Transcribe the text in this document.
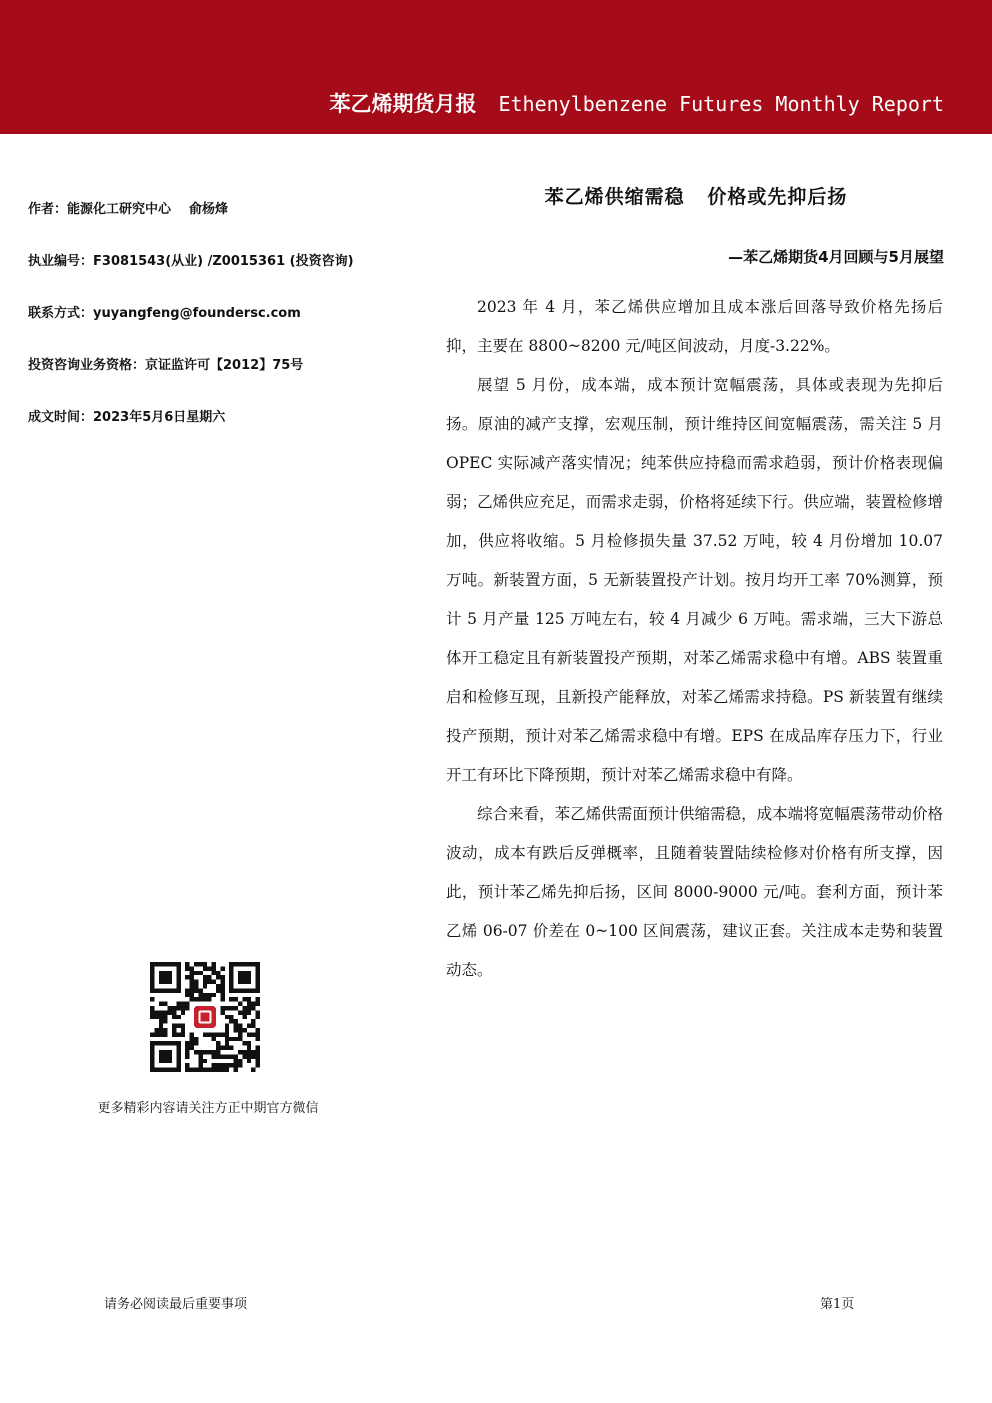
苯乙烯期货月报 Ethenylbenzene Futures Monthly Report
作者：能源化工研究中心 俞杨烽
执业编号：F3081543(从业) /Z0015361 (投资咨询)
联系方式：yuyangfeng@foundersc.com
投资咨询业务资格：京证监许可【2012】75号
成文时间：2023年5月6日星期六
苯乙烯供缩需稳   价格或先抑后扬
—苯乙烯期货4月回顾与5月展望

2023 年 4 月，苯乙烯供应增加且成本涨后回落导致价格先扬后抑，主要在 8800~8200 元/吨区间波动，月度-3.22%。

展望 5 月份，成本端，成本预计宽幅震荡，具体或表现为先抑后扬。原油的减产支撑，宏观压制，预计维持区间宽幅震荡，需关注 5 月 OPEC 实际减产落实情况；纯苯供应持稳而需求趋弱，预计价格表现偏弱；乙烯供应充足，而需求走弱，价格将延续下行。供应端，装置检修增加，供应将收缩。5 月检修损失量 37.52 万吨，较 4 月份增加 10.07 万吨。新装置方面，5 无新装置投产计划。按月均开工率 70%测算，预计 5 月产量 125 万吨左右，较 4 月减少 6 万吨。需求端，三大下游总体开工稳定且有新装置投产预期，对苯乙烯需求稳中有增。ABS 装置重启和检修互现，且新投产能释放，对苯乙烯需求持稳。PS 新装置有继续投产预期，预计对苯乙烯需求稳中有增。EPS 在成品库存压力下，行业开工有环比下降预期，预计对苯乙烯需求稳中有降。

综合来看，苯乙烯供需面预计供缩需稳，成本端将宽幅震荡带动价格波动，成本有跌后反弹概率，且随着装置陆续检修对价格有所支撑，因此，预计苯乙烯先抑后扬，区间 8000-9000 元/吨。套利方面，预计苯乙烯 06-07 价差在 0~100 区间震荡，建议正套。关注成本走势和装置动态。

更多精彩内容请关注方正中期官方微信
请务必阅读最后重要事项	第1页
